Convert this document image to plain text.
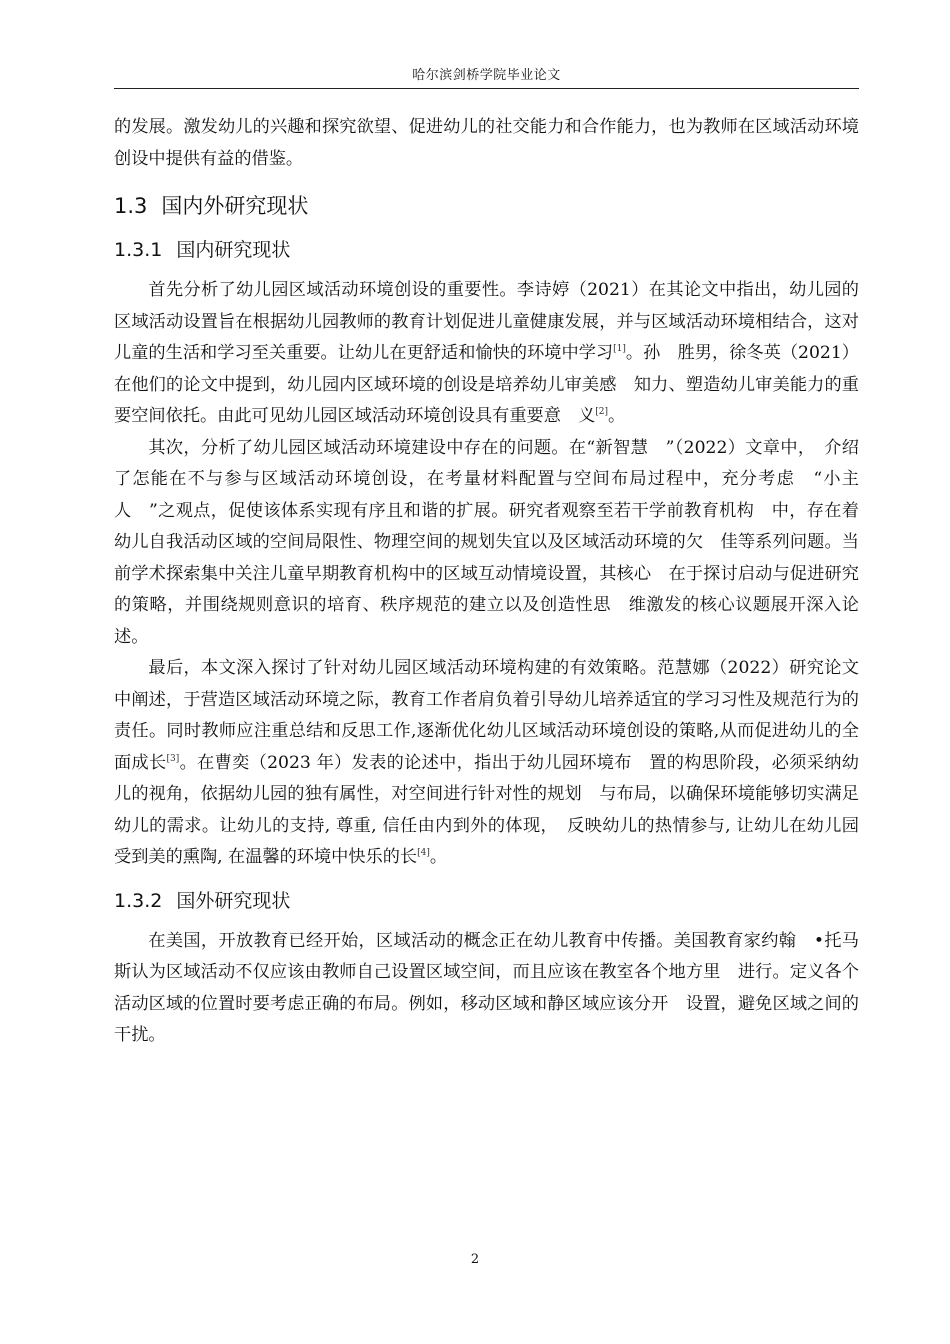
哈尔滨剑桥学院毕业论文

的发展。激发幼儿的兴趣和探究欲望、促进幼儿的社交能力和合作能力，也为教师在区域活动环境创设中提供有益的借鉴。

1.3 国内外研究现状
1.3.1 国内研究现状

首先分析了幼儿园区域活动环境创设的重要性。李诗婷（2021）在其论文中指出，幼儿园的区域活动设置旨在根据幼儿园教师的教育计划促进儿童健康发展，并与区域活动环境相结合，这对儿童的生活和学习至关重要。让幼儿在更舒适和愉快的环境中学习[1]。孙　胜男，徐冬英（2021）在他们的论文中提到，幼儿园内区域环境的创设是培养幼儿审美感　知力、塑造幼儿审美能力的重要空间依托。由此可见幼儿园区域活动环境创设具有重要意　义[2]。

其次，分析了幼儿园区域活动环境建设中存在的问题。在“新智慧　”（2022）文章中，　介绍了怎能在不与参与区域活动环境创设，在考量材料配置与空间布局过程中，充分考虑　“小主人　”之观点，促使该体系实现有序且和谐的扩展。研究者观察至若干学前教育机构　中，存在着幼儿自我活动区域的空间局限性、物理空间的规划失宜以及区域活动环境的欠　佳等系列问题。当前学术探索集中关注儿童早期教育机构中的区域互动情境设置，其核心　在于探讨启动与促进研究的策略，并围绕规则意识的培育、秩序规范的建立以及创造性思　维激发的核心议题展开深入论述。

最后，本文深入探讨了针对幼儿园区域活动环境构建的有效策略。范慧娜（2022）研究论文中阐述，于营造区域活动环境之际，教育工作者肩负着引导幼儿培养适宜的学习习性及规范行为的责任。同时教师应注重总结和反思工作,逐渐优化幼儿区域活动环境创设的策略,从而促进幼儿的全面成长[3]。在曹奕（2023 年）发表的论述中，指出于幼儿园环境布　置的构思阶段，必须采纳幼儿的视角，依据幼儿园的独有属性，对空间进行针对性的规划　与布局，以确保环境能够切实满足幼儿的需求。让幼儿的支持, 尊重, 信任由内到外的体现，　反映幼儿的热情参与, 让幼儿在幼儿园受到美的熏陶, 在温馨的环境中快乐的长[4]。

1.3.2 国外研究现状

在美国，开放教育已经开始，区域活动的概念正在幼儿教育中传播。美国教育家约翰　•托马斯认为区域活动不仅应该由教师自己设置区域空间，而且应该在教室各个地方里　进行。定义各个活动区域的位置时要考虑正确的布局。例如，移动区域和静区域应该分开　设置，避免区域之间的干扰。

2
